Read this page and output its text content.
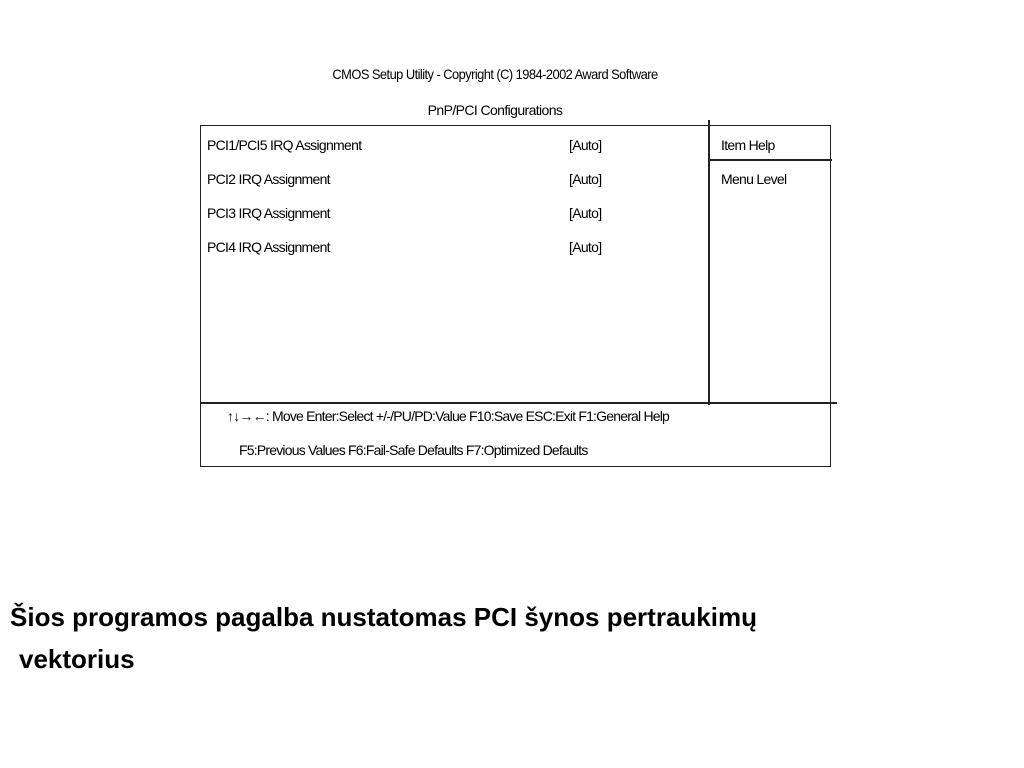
CMOS Setup Utility - Copyright (C) 1984-2002 Award Software
PnP/PCI Configurations
PCI1/PCI5 IRQ Assignment	[Auto]
PCI2 IRQ Assignment	[Auto]
PCI3 IRQ Assignment	[Auto]
PCI4 IRQ Assignment	[Auto]
Item Help
Menu Level
↑↓→←: Move Enter:Select +/-/PU/PD:Value F10:Save ESC:Exit F1:General Help
F5:Previous Values F6:Fail-Safe Defaults F7:Optimized Defaults
Šios programos pagalba nustatomas PCI šynos pertraukimų
vektorius
